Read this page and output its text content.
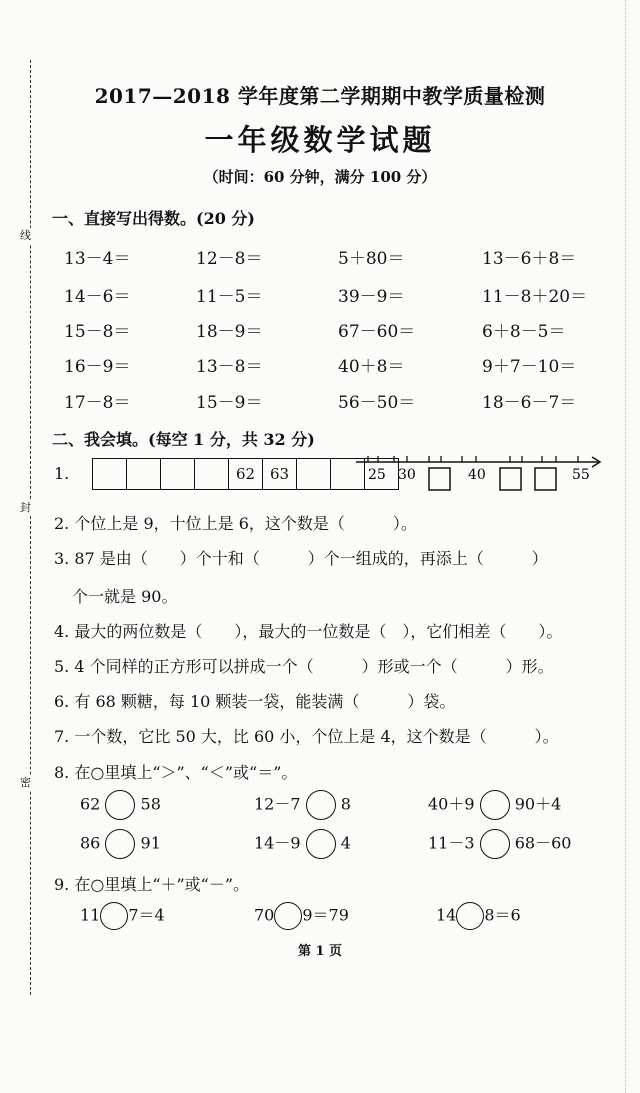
线
封
密
2017—2018 学年度第二学期期中教学质量检测
一年级数学试题
（时间：60 分钟，满分 100 分）
一、直接写出得数。(20 分)
13－4＝	12－8＝	5＋80＝	13－6＋8＝
14－6＝	11－5＝	39－9＝	11－8＋20＝
15－8＝	18－9＝	67－60＝	6＋8－5＝
16－9＝	13－8＝	40＋8＝	9＋7－10＝
17－8＝	15－9＝	56－50＝	18－6－7＝
二、我会填。(每空 1 分，共 32 分)
1.	62 63	25 30	40	55
2. 个位上是 9，十位上是 6，这个数是（　　　）。
3. 87 是由（　　）个十和（　　　）个一组成的，再添上（　　　）
个一就是 90。
4. 最大的两位数是（　　），最大的一位数是（　），它们相差（　　）。
5. 4 个同样的正方形可以拼成一个（　　　）形或一个（　　　）形。
6. 有 68 颗糖，每 10 颗装一袋，能装满（　　　）袋。
7. 一个数，它比 50 大，比 60 小，个位上是 4，这个数是（　　　）。
8. 在○里填上“＞”、“＜”或“＝”。
62	58	12－7	8	40＋9	90＋4
86	91	14－9	4	11－3	68－60
9. 在○里填上“＋”或“－”。
11 7＝4	70 9＝79	14 8＝6
第 1 页
